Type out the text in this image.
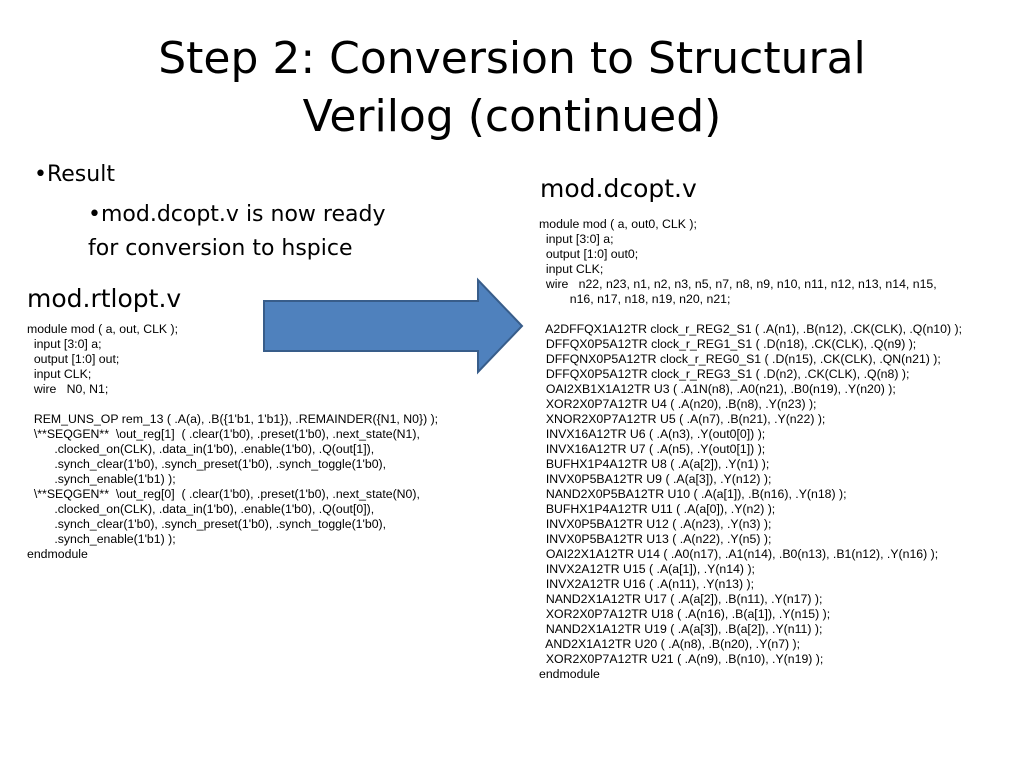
Step 2: Conversion to Structural
Verilog (continued)
•Result
•mod.dcopt.v is now ready for conversion to hspice
mod.rtlopt.v
module mod ( a, out, CLK );
input [3:0] a;
output [1:0] out;
input CLK;
wire   N0, N1;

REM_UNS_OP rem_13 ( .A(a), .B({1'b1, 1'b1}), .REMAINDER({N1, N0}) );
\**SEQGEN**  \out_reg[1]  ( .clear(1'b0), .preset(1'b0), .next_state(N1),
.clocked_on(CLK), .data_in(1'b0), .enable(1'b0), .Q(out[1]),
.synch_clear(1'b0), .synch_preset(1'b0), .synch_toggle(1'b0),
.synch_enable(1'b1) );
\**SEQGEN**  \out_reg[0]  ( .clear(1'b0), .preset(1'b0), .next_state(N0),
.clocked_on(CLK), .data_in(1'b0), .enable(1'b0), .Q(out[0]),
.synch_clear(1'b0), .synch_preset(1'b0), .synch_toggle(1'b0),
.synch_enable(1'b1) );
endmodule
mod.dcopt.v
module mod ( a, out0, CLK );
input [3:0] a;
output [1:0] out0;
input CLK;
wire   n22, n23, n1, n2, n3, n5, n7, n8, n9, n10, n11, n12, n13, n14, n15,
n16, n17, n18, n19, n20, n21;

A2DFFQX1A12TR clock_r_REG2_S1 ( .A(n1), .B(n12), .CK(CLK), .Q(n10) );
DFFQX0P5A12TR clock_r_REG1_S1 ( .D(n18), .CK(CLK), .Q(n9) );
DFFQNX0P5A12TR clock_r_REG0_S1 ( .D(n15), .CK(CLK), .QN(n21) );
DFFQX0P5A12TR clock_r_REG3_S1 ( .D(n2), .CK(CLK), .Q(n8) );
OAI2XB1X1A12TR U3 ( .A1N(n8), .A0(n21), .B0(n19), .Y(n20) );
XOR2X0P7A12TR U4 ( .A(n20), .B(n8), .Y(n23) );
XNOR2X0P7A12TR U5 ( .A(n7), .B(n21), .Y(n22) );
INVX16A12TR U6 ( .A(n3), .Y(out0[0]) );
INVX16A12TR U7 ( .A(n5), .Y(out0[1]) );
BUFHX1P4A12TR U8 ( .A(a[2]), .Y(n1) );
INVX0P5BA12TR U9 ( .A(a[3]), .Y(n12) );
NAND2X0P5BA12TR U10 ( .A(a[1]), .B(n16), .Y(n18) );
BUFHX1P4A12TR U11 ( .A(a[0]), .Y(n2) );
INVX0P5BA12TR U12 ( .A(n23), .Y(n3) );
INVX0P5BA12TR U13 ( .A(n22), .Y(n5) );
OAI22X1A12TR U14 ( .A0(n17), .A1(n14), .B0(n13), .B1(n12), .Y(n16) );
INVX2A12TR U15 ( .A(a[1]), .Y(n14) );
INVX2A12TR U16 ( .A(n11), .Y(n13) );
NAND2X1A12TR U17 ( .A(a[2]), .B(n11), .Y(n17) );
XOR2X0P7A12TR U18 ( .A(n16), .B(a[1]), .Y(n15) );
NAND2X1A12TR U19 ( .A(a[3]), .B(a[2]), .Y(n11) );
AND2X1A12TR U20 ( .A(n8), .B(n20), .Y(n7) );
XOR2X0P7A12TR U21 ( .A(n9), .B(n10), .Y(n19) );
endmodule
